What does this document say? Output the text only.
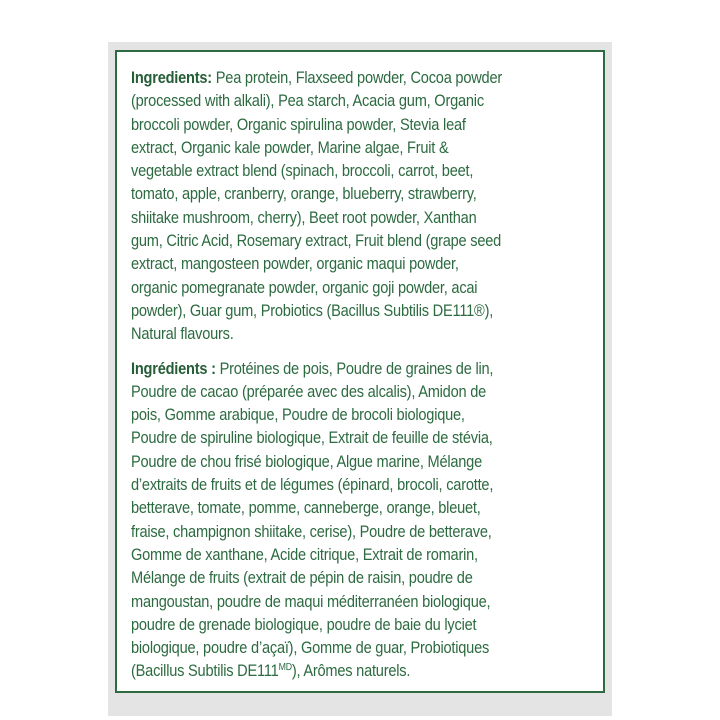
Ingredients: Pea protein, Flaxseed powder, Cocoa powder
(processed with alkali), Pea starch, Acacia gum, Organic
broccoli powder, Organic spirulina powder, Stevia leaf
extract, Organic kale powder, Marine algae, Fruit &
vegetable extract blend (spinach, broccoli, carrot, beet,
tomato, apple, cranberry, orange, blueberry, strawberry,
shiitake mushroom, cherry), Beet root powder, Xanthan
gum, Citric Acid, Rosemary extract, Fruit blend (grape seed
extract, mangosteen powder, organic maqui powder,
organic pomegranate powder, organic goji powder, acai
powder), Guar gum, Probiotics (Bacillus Subtilis DE111®),
Natural flavours.
Ingrédients : Protéines de pois, Poudre de graines de lin,
Poudre de cacao (préparée avec des alcalis), Amidon de
pois, Gomme arabique, Poudre de brocoli biologique,
Poudre de spiruline biologique, Extrait de feuille de stévia,
Poudre de chou frisé biologique, Algue marine, Mélange
d’extraits de fruits et de légumes (épinard, brocoli, carotte,
betterave, tomate, pomme, canneberge, orange, bleuet,
fraise, champignon shiitake, cerise), Poudre de betterave,
Gomme de xanthane, Acide citrique, Extrait de romarin,
Mélange de fruits (extrait de pépin de raisin, poudre de
mangoustan, poudre de maqui méditerranéen biologique,
poudre de grenade biologique, poudre de baie du lyciet
biologique, poudre d’açaï), Gomme de guar, Probiotiques
(Bacillus Subtilis $DE111^{MD}$), Arômes naturels.
